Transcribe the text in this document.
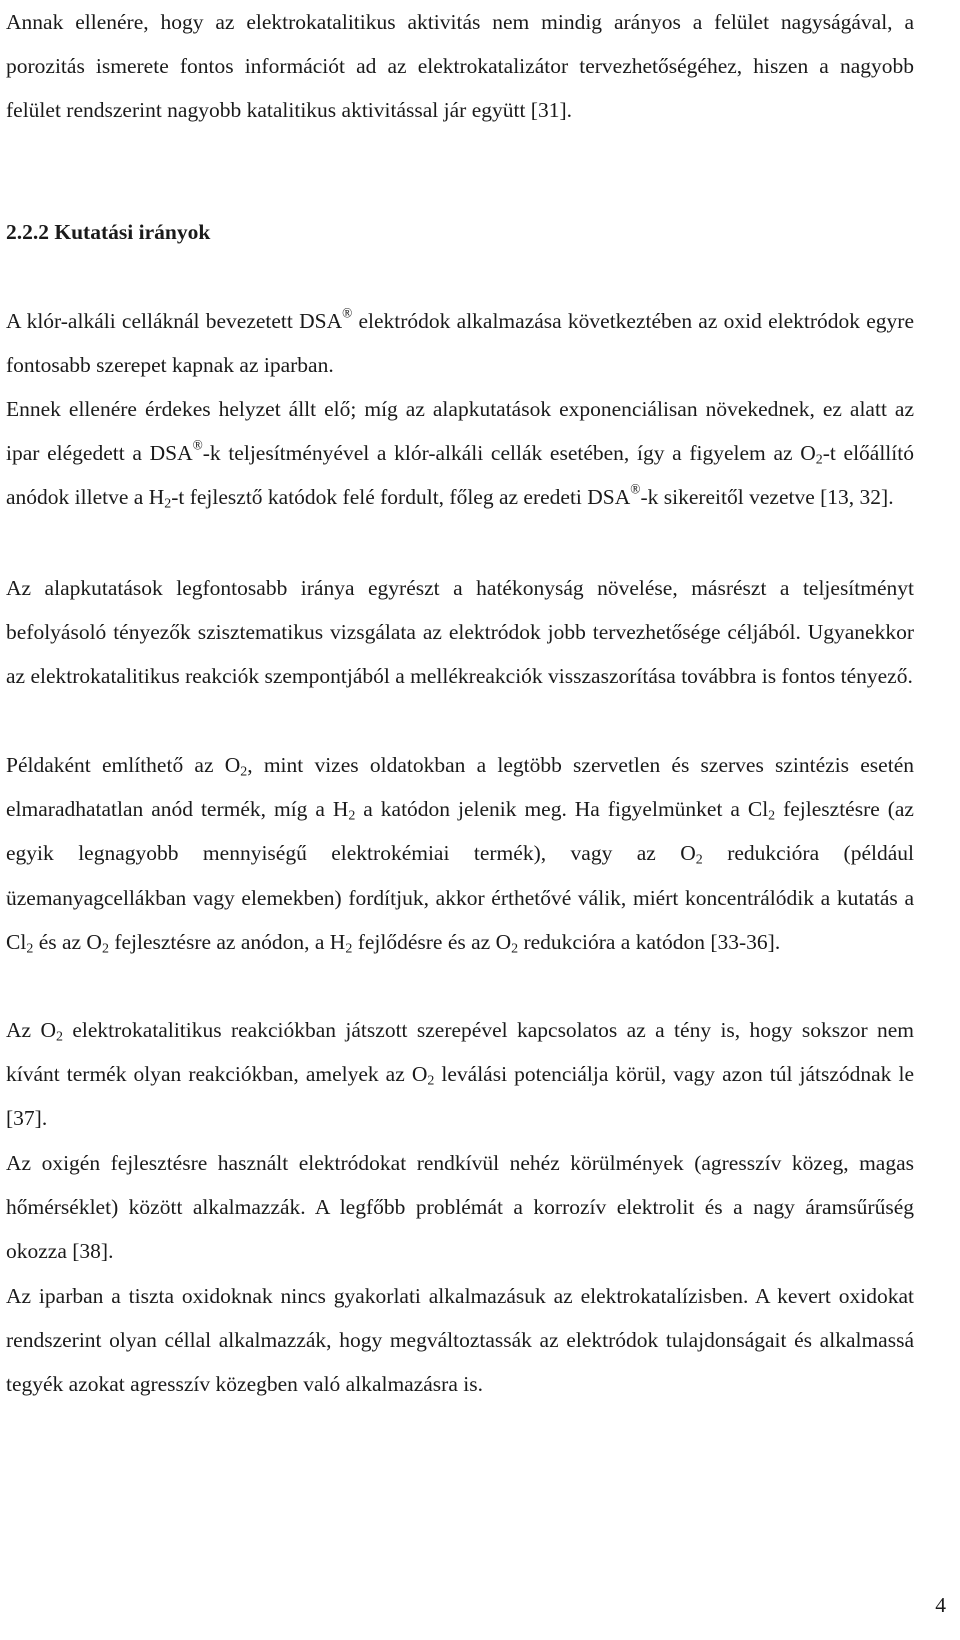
Annak ellenére, hogy az elektrokatalitikus aktivitás nem mindig arányos a felület nagyságával, a porozitás ismerete fontos információt ad az elektrokatalizátor tervezhetőségéhez, hiszen a nagyobb felület rendszerint nagyobb katalitikus aktivitással jár együtt [31].

2.2.2 Kutatási irányok

A klór-alkáli celláknál bevezetett DSA® elektródok alkalmazása következtében az oxid elektródok egyre fontosabb szerepet kapnak az iparban.

Ennek ellenére érdekes helyzet állt elő; míg az alapkutatások exponenciálisan növekednek, ez alatt az ipar elégedett a DSA®-k teljesítményével a klór-alkáli cellák esetében, így a figyelem az $O_2-t$ előállító anódok illetve a $H_2-t$ fejlesztő katódok felé fordult, főleg az eredeti DSA®-k sikereitől vezetve [13, 32].

Az alapkutatások legfontosabb iránya egyrészt a hatékonyság növelése, másrészt a teljesítményt befolyásoló tényezők szisztematikus vizsgálata az elektródok jobb tervezhetősége céljából. Ugyanekkor az elektrokatalitikus reakciók szempontjából a mellékreakciók visszaszorítása továbbra is fontos tényező.

Példaként említhető az $O_2$, mint vizes oldatokban a legtöbb szervetlen és szerves szintézis esetén elmaradhatatlan anód termék, míg a $H_2$ a katódon jelenik meg. Ha figyelmünket a $Cl_2$ fejlesztésre (az egyik legnagyobb mennyiségű elektrokémiai termék), vagy az $O_2$ redukcióra (például üzemanyagcellákban vagy elemekben) fordítjuk, akkor érthetővé válik, miért koncentrálódik a kutatás a $Cl_2$ és az $O_2$ fejlesztésre az anódon, a $H_2$ fejlődésre és az $O_2$ redukcióra a katódon [33-36].

Az $O_2$ elektrokatalitikus reakciókban játszott szerepével kapcsolatos az a tény is, hogy sokszor nem kívánt termék olyan reakciókban, amelyek az $O_2$ leválási potenciálja körül, vagy azon túl játszódnak le [37].

Az oxigén fejlesztésre használt elektródokat rendkívül nehéz körülmények (agresszív közeg, magas hőmérséklet) között alkalmazzák. A legfőbb problémát a korrozív elektrolit és a nagy áramsűrűség okozza [38].

Az iparban a tiszta oxidoknak nincs gyakorlati alkalmazásuk az elektrokatalízisben. A kevert oxidokat rendszerint olyan céllal alkalmazzák, hogy megváltoztassák az elektródok tulajdonságait és alkalmassá tegyék azokat agresszív közegben való alkalmazásra is.

4
